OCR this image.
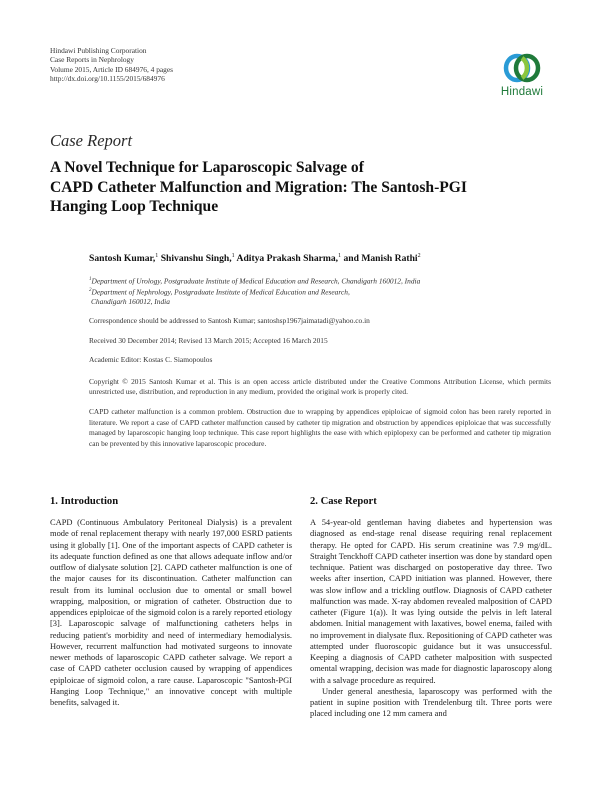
Hindawi Publishing Corporation
Case Reports in Nephrology
Volume 2015, Article ID 684976, 4 pages
http://dx.doi.org/10.1155/2015/684976
Hindawi
Case Report
A Novel Technique for Laparoscopic Salvage of
CAPD Catheter Malfunction and Migration: The Santosh-PGI
Hanging Loop Technique
Santosh Kumar,$^1$ Shivanshu Singh,$^1$ Aditya Prakash Sharma,$^1$ and Manish Rathi$^2$
$^1$Department of Urology, Postgraduate Institute of Medical Education and Research, Chandigarh 160012, India
$^2$Department of Nephrology, Postgraduate Institute of Medical Education and Research,
Chandigarh 160012, India
Correspondence should be addressed to Santosh Kumar; santoshsp1967jaimatadi@yahoo.co.in
Received 30 December 2014; Revised 13 March 2015; Accepted 16 March 2015
Academic Editor: Kostas C. Siamopoulos
Copyright © 2015 Santosh Kumar et al. This is an open access article distributed under the Creative Commons Attribution License, which permits unrestricted use, distribution, and reproduction in any medium, provided the original work is properly cited.
CAPD catheter malfunction is a common problem. Obstruction due to wrapping by appendices epiploicae of sigmoid colon has been rarely reported in literature. We report a case of CAPD catheter malfunction caused by catheter tip migration and obstruction by appendices epiploicae that was successfully managed by laparoscopic hanging loop technique. This case report highlights the ease with which epiplopexy can be performed and catheter tip migration can be prevented by this innovative laparoscopic procedure.
1. Introduction	2. Case Report

CAPD (Continuous Ambulatory Peritoneal Dialysis) is a prevalent mode of renal replacement therapy with nearly 197,000 ESRD patients using it globally [1]. One of the important aspects of CAPD catheter is its adequate function defined as one that allows adequate inflow and/or outflow of dialysate solution [2]. CAPD catheter malfunction is one of the major causes for its discontinuation. Catheter malfunction can result from its luminal occlusion due to omental or small bowel wrapping, malposition, or migration of catheter. Obstruction due to appendices epiploicae of the sigmoid colon is a rarely reported etiology [3]. Laparoscopic salvage of malfunctioning catheters helps in reducing patient's morbidity and need of intermediary hemodialysis. However, recurrent malfunction had motivated surgeons to innovate newer methods of laparoscopic CAPD catheter salvage. We report a case of CAPD catheter occlusion caused by wrapping of appendices epiploicae of sigmoid colon, a rare cause. Laparoscopic "Santosh-PGI Hanging Loop Technique," an innovative concept with multiple benefits, salvaged it.

A 54-year-old gentleman having diabetes and hypertension was diagnosed as end-stage renal disease requiring renal replacement therapy. He opted for CAPD. His serum creatinine was 7.9 mg/dL. Straight Tenckhoff CAPD catheter insertion was done by standard open technique. Patient was discharged on postoperative day three. Two weeks after insertion, CAPD initiation was planned. However, there was slow inflow and a trickling outflow. Diagnosis of CAPD catheter malfunction was made. X-ray abdomen revealed malposition of CAPD catheter (Figure 1(a)). It was lying outside the pelvis in left lateral abdomen. Initial management with laxatives, bowel enema, failed with no improvement in dialysate flux. Repositioning of CAPD catheter was attempted under fluoroscopic guidance but it was unsuccessful. Keeping a diagnosis of CAPD catheter malposition with suspected omental wrapping, decision was made for diagnostic laparoscopy along with a salvage procedure as required.

Under general anesthesia, laparoscopy was performed with the patient in supine position with Trendelenburg tilt. Three ports were placed including one 12 mm camera and
